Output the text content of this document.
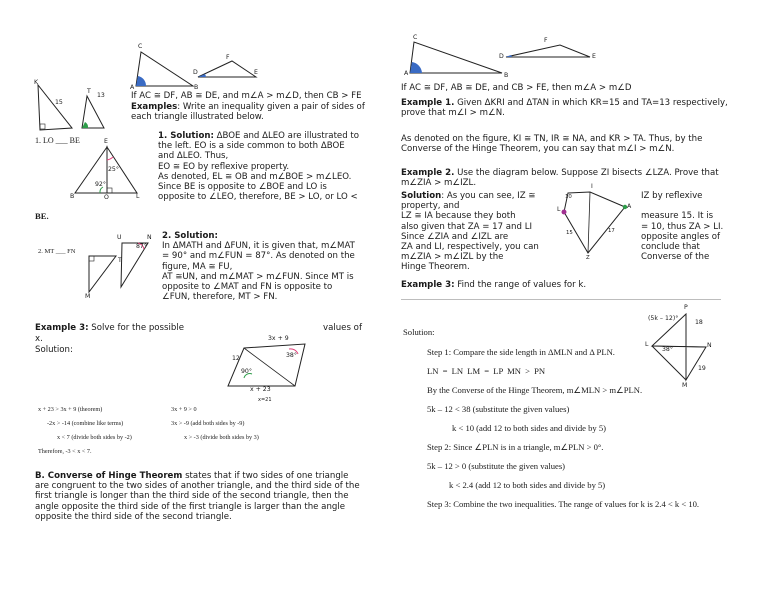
C
A	B
F
D	E
K
15
13
T	If AC ≅ DF, AB ≅ DE, and m∠A > m∠D, then CB > FE
Examples: Write an inequality given a pair of sides of each triangle illustrated below.
1. LO ___ BE	E
25°
92°
B	O	L
1. Solution: ΔBOE and ΔLEO are illustrated to
the left. EO is a side common to both ΔBOE
and ΔLEO. Thus,
EO ≅ EO by reflexive property.
As denoted, EL ≅ OB and m∠BOE > m∠LEO.
Since BE is opposite to ∠BOE and LO is
opposite to ∠LEO, therefore, BE > LO, or LO <
BE.
2. MT ___ FN
M
U	N
87°
T
2. Solution:
In ΔMATH and ΔFUN, it is given that, m∠MAT
= 90° and m∠FUN = 87°. As denoted on the
figure, MA ≅ FU,
AT ≅UN, and m∠MAT > m∠FUN. Since MT is
opposite to ∠MAT and FN is opposite to
∠FUN, therefore, MT > FN.
Example 3: Solve for the possible	values of
x.
Solution:
3x + 9
12	38°
90°
x + 23
x=21
x + 23 > 3x + 9 (theorem)
-2x > -14 (combine like terms)
x < 7 (divide both sides by -2)
Therefore, -3 < x < 7.
3x + 9 > 0
3x > -9 (add both sides by -9)
x > -3 (divide both sides by 3)
B. Converse of Hinge Theorem states that if two sides of one triangle
are congruent to the two sides of another triangle, and the third side of the
first triangle is longer than the third side of the second triangle, then the
angle opposite the third side of the first triangle is larger than the angle
opposite the third side of the second triangle.
C
A	B
F
D	E
If AC ≅ DF, AB ≅ DE, and CB > FE, then m∠A > m∠D
Example 1. Given ΔKRI and ΔTAN in which KR=15 and TA=13 respectively,
prove that m∠I > m∠N.
As denoted on the figure, KI ≅ TN, IR ≅ NA, and KR > TA. Thus, by the
Converse of the Hinge Theorem, you can say that m∠I > m∠N.
Example 2. Use the diagram below. Suppose ZI bisects ∠LZA. Prove that
m∠ZIA > m∠IZL.
Solution: As you can see, IZ ≅
property, and
LZ ≅ IA because they both
also given that ZA = 17 and LI
Since ∠ZIA and ∠IZL are
ZA and LI, respectively, you can
m∠ZIA > m∠IZL by the
Hinge Theorem.
10
I
L	A
15	17
Z
IZ by reflexive

measure 15. It is
= 10, thus ZA > LI.
opposite angles of
conclude that
Converse of the
Example 3: Find the range of values for k.
P
L	N
M
(5k – 12)°
18
19
38°
Solution:
Step 1: Compare the side length in ΔMLN and Δ PLN.
LN = LN LM = LP MN > PN
By the Converse of the Hinge Theorem, m∠MLN > m∠PLN.
5k – 12 < 38 (substitute the given values)
k < 10 (add 12 to both sides and divide by 5)
Step 2: Since ∠PLN is in a triangle, m∠PLN > 0°.
5k – 12 > 0 (substitute the given values)
k < 2.4 (add 12 to both sides and divide by 5)
Step 3: Combine the two inequalities. The range of values for k is 2.4 < k < 10.
